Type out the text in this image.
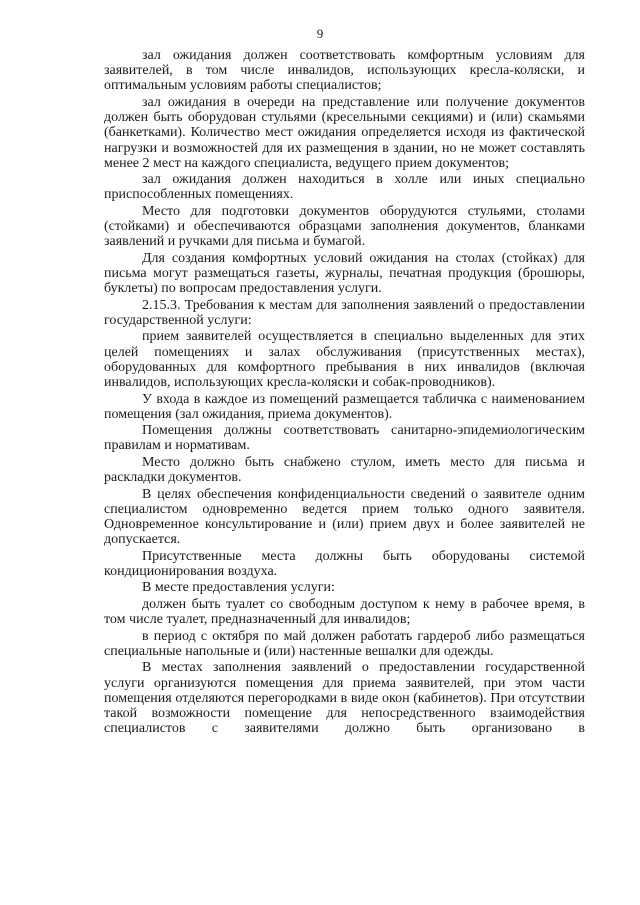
9

зал ожидания должен соответствовать комфортным условиям для заявителей, в том числе инвалидов, использующих кресла-коляски, и оптимальным условиям работы специалистов;

зал ожидания в очереди на представление или получение документов должен быть оборудован стульями (кресельными секциями) и (или) скамьями (банкетками). Количество мест ожидания определяется исходя из фактической нагрузки и возможностей для их размещения в здании, но не может составлять менее 2 мест на каждого специалиста, ведущего прием документов;

зал ожидания должен находиться в холле или иных специально приспособленных помещениях.

Место для подготовки документов оборудуются стульями, столами (стойками) и обеспечиваются образцами заполнения документов, бланками заявлений и ручками для письма и бумагой.

Для создания комфортных условий ожидания на столах (стойках) для письма могут размещаться газеты, журналы, печатная продукция (брошюры, буклеты) по вопросам предоставления услуги.

2.15.3. Требования к местам для заполнения заявлений о предоставлении государственной услуги:

прием заявителей осуществляется в специально выделенных для этих целей помещениях и залах обслуживания (присутственных местах), оборудованных для комфортного пребывания в них инвалидов (включая инвалидов, использующих кресла-коляски и собак-проводников).

У входа в каждое из помещений размещается табличка с наименованием помещения (зал ожидания, приема документов).

Помещения должны соответствовать санитарно-эпидемиологическим правилам и нормативам.

Место должно быть снабжено стулом, иметь место для письма и раскладки документов.

В целях обеспечения конфиденциальности сведений о заявителе одним специалистом одновременно ведется прием только одного заявителя. Одновременное консультирование и (или) прием двух и более заявителей не допускается.

Присутственные места должны быть оборудованы системой кондиционирования воздуха.

В месте предоставления услуги:

должен быть туалет со свободным доступом к нему в рабочее время, в том числе туалет, предназначенный для инвалидов;

в период с октября по май должен работать гардероб либо размещаться специальные напольные и (или) настенные вешалки для одежды.

В местах заполнения заявлений о предоставлении государственной услуги организуются помещения для приема заявителей, при этом части помещения отделяются перегородками в виде окон (кабинетов). При отсутствии такой возможности помещение для непосредственного взаимодействия специалистов с заявителями должно быть организовано в
